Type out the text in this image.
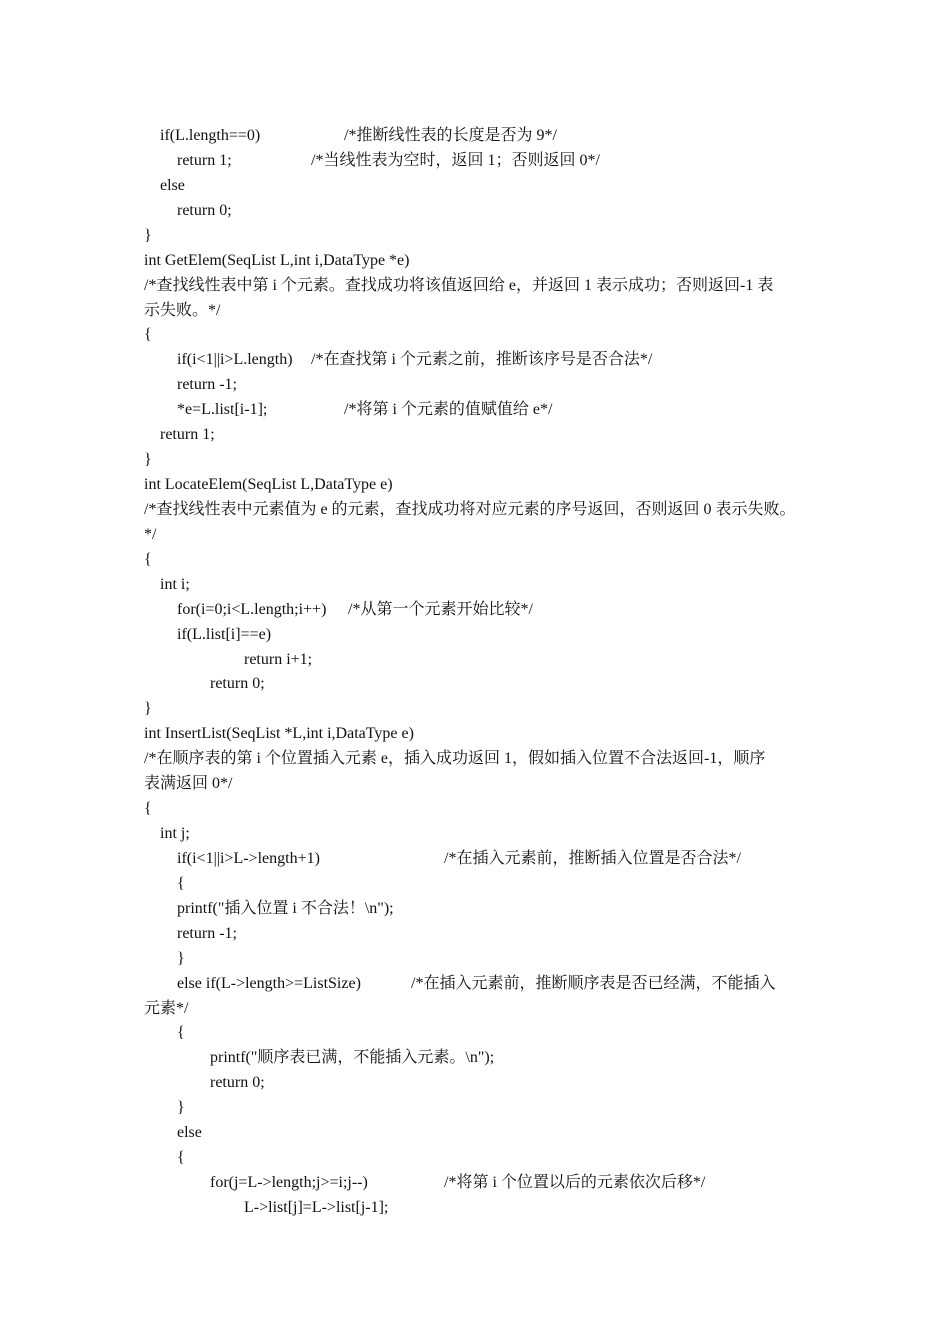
if(L.length==0)	/*推断线性表的长度是否为 9*/
return 1;	/*当线性表为空时，返回 1；否则返回 0*/
else
return 0;
}
int GetElem(SeqList L,int i,DataType *e)
/*查找线性表中第 i 个元素。查找成功将该值返回给 e，并返回 1 表示成功；否则返回-1 表
示失败。*/
{
if(i<1||i>L.length) /*在查找第 i 个元素之前，推断该序号是否合法*/
return -1;
*e=L.list[i-1];	/*将第 i 个元素的值赋值给 e*/
return 1;
}
int LocateElem(SeqList L,DataType e)
/*查找线性表中元素值为 e 的元素，查找成功将对应元素的序号返回，否则返回 0 表示失败。
*/
{
int i;
for(i=0;i<L.length;i++) /*从第一个元素开始比较*/
if(L.list[i]==e)
return i+1;
return 0;
}
int InsertList(SeqList *L,int i,DataType e)
/*在顺序表的第 i 个位置插入元素 e，插入成功返回 1，假如插入位置不合法返回-1，顺序
表满返回 0*/
{
int j;
if(i<1||i>L->length+1)	/*在插入元素前，推断插入位置是否合法*/
{
printf("插入位置 i 不合法！\n");
return -1;
}
else if(L->length>=ListSize)	/*在插入元素前，推断顺序表是否已经满，不能插入
元素*/
{
printf("顺序表已满，不能插入元素。\n");
return 0;
}
else
{
for(j=L->length;j>=i;j--)	/*将第 i 个位置以后的元素依次后移*/
L->list[j]=L->list[j-1];
